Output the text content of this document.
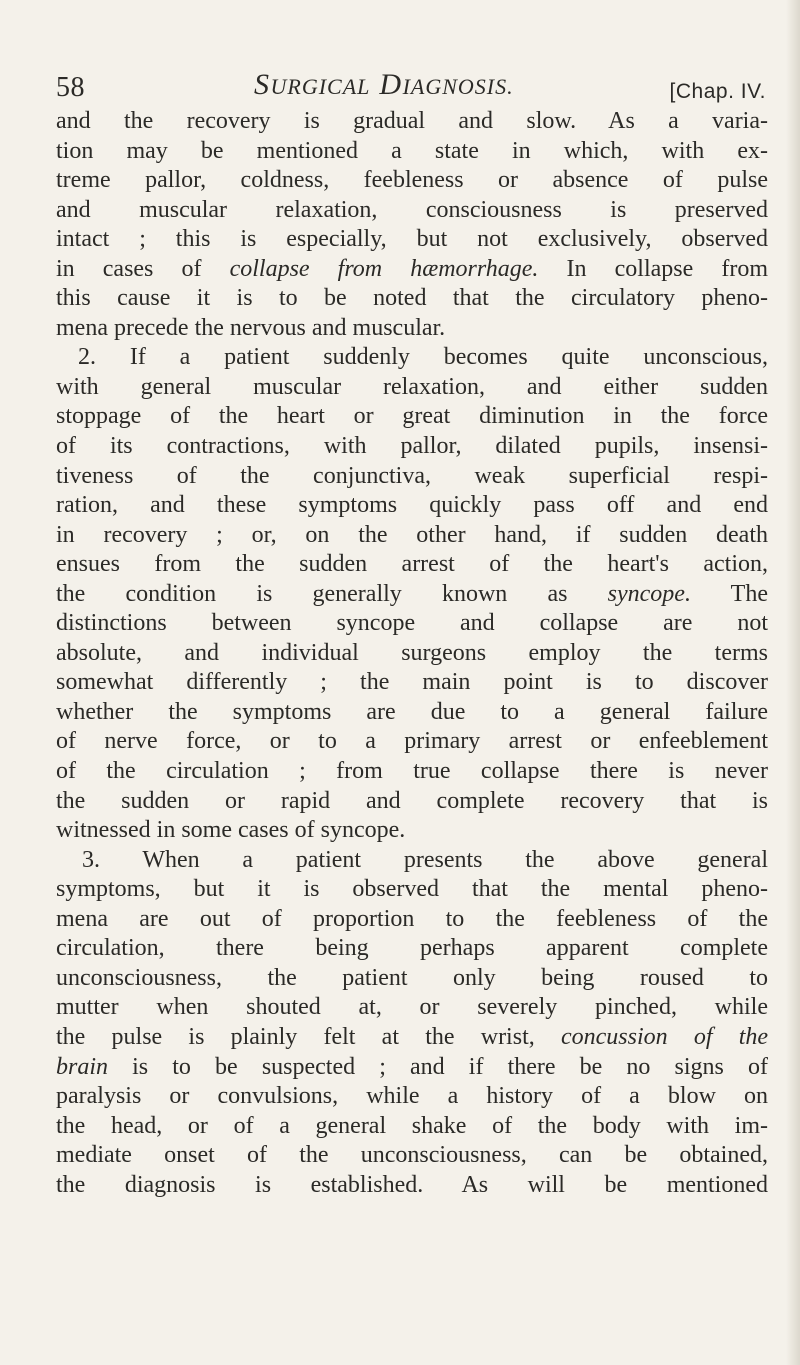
58	SURGICAL DIAGNOSIS.	[Chap. IV.
and the recovery is gradual and slow. As a varia-
tion may be mentioned a state in which, with ex-
treme pallor, coldness, feebleness or absence of pulse
and muscular relaxation, consciousness is preserved
intact ; this is especially, but not exclusively, observed
in cases of collapse from hæmorrhage. In collapse from
this cause it is to be noted that the circulatory pheno-
mena precede the nervous and muscular.
2. If a patient suddenly becomes quite unconscious,
with general muscular relaxation, and either sudden
stoppage of the heart or great diminution in the force
of its contractions, with pallor, dilated pupils, insensi-
tiveness of the conjunctiva, weak superficial respi-
ration, and these symptoms quickly pass off and end
in recovery ; or, on the other hand, if sudden death
ensues from the sudden arrest of the heart's action,
the condition is generally known as syncope. The
distinctions between syncope and collapse are not
absolute, and individual surgeons employ the terms
somewhat differently ; the main point is to discover
whether the symptoms are due to a general failure
of nerve force, or to a primary arrest or enfeeblement
of the circulation ; from true collapse there is never
the sudden or rapid and complete recovery that is
witnessed in some cases of syncope.
3. When a patient presents the above general
symptoms, but it is observed that the mental pheno-
mena are out of proportion to the feebleness of the
circulation, there being perhaps apparent complete
unconsciousness, the patient only being roused to
mutter when shouted at, or severely pinched, while
the pulse is plainly felt at the wrist, concussion of the
brain is to be suspected ; and if there be no signs of
paralysis or convulsions, while a history of a blow on
the head, or of a general shake of the body with im-
mediate onset of the unconsciousness, can be obtained,
the diagnosis is established. As will be mentioned
